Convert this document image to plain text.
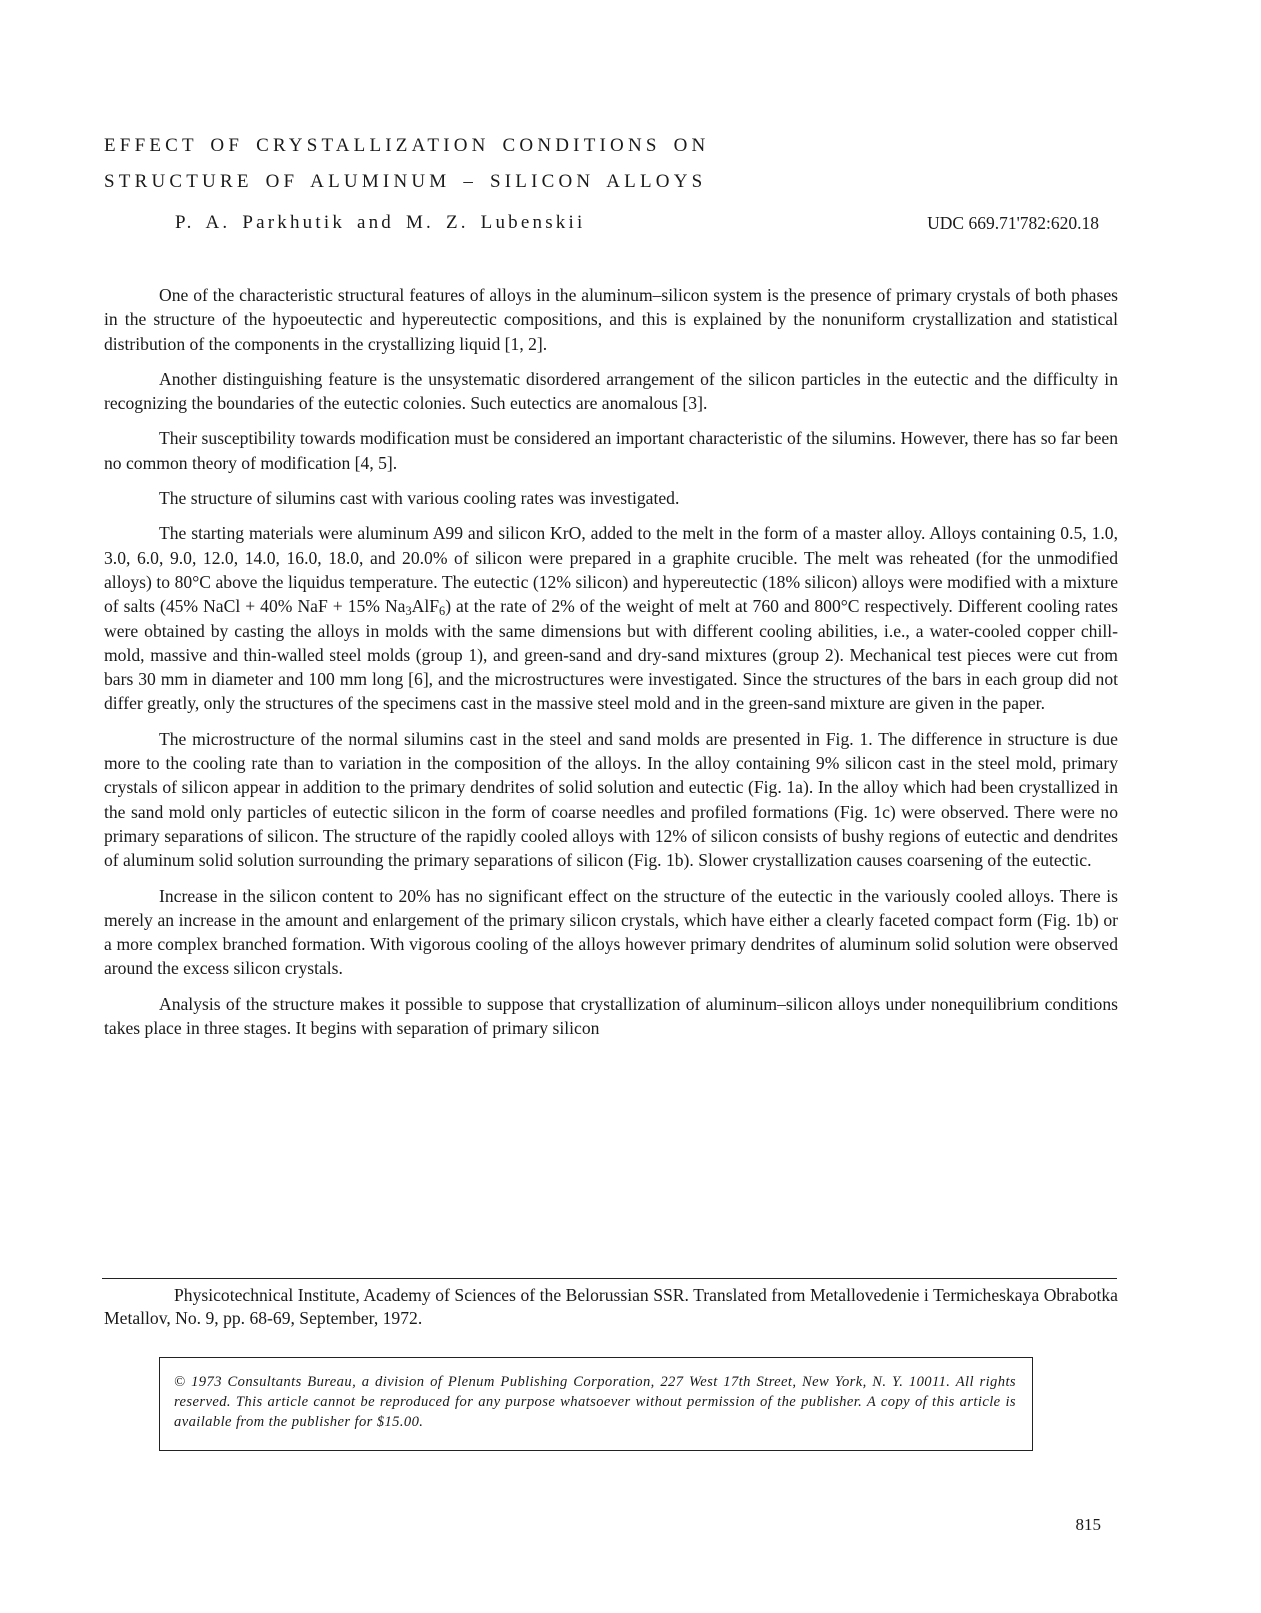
EFFECT OF CRYSTALLIZATION CONDITIONS ON
STRUCTURE OF ALUMINUM – SILICON ALLOYS
P. A. Parkhutik and M. Z. Lubenskii	UDC 669.71'782:620.18

One of the characteristic structural features of alloys in the aluminum–silicon system is the presence of primary crystals of both phases in the structure of the hypoeutectic and hypereutectic compositions, and this is explained by the nonuniform crystallization and statistical distribution of the components in the crystallizing liquid [1, 2].

Another distinguishing feature is the unsystematic disordered arrangement of the silicon particles in the eutectic and the difficulty in recognizing the boundaries of the eutectic colonies. Such eutectics are anomalous [3].

Their susceptibility towards modification must be considered an important characteristic of the silumins. However, there has so far been no common theory of modification [4, 5].

The structure of silumins cast with various cooling rates was investigated.

The starting materials were aluminum A99 and silicon KrO, added to the melt in the form of a master alloy. Alloys containing 0.5, 1.0, 3.0, 6.0, 9.0, 12.0, 14.0, 16.0, 18.0, and 20.0% of silicon were prepared in a graphite crucible. The melt was reheated (for the unmodified alloys) to 80°C above the liquidus temperature. The eutectic (12% silicon) and hypereutectic (18% silicon) alloys were modified with a mixture of salts (45% NaCl + 40% NaF + 15% $Na_3AlF_6$) at the rate of 2% of the weight of melt at 760 and 800°C respectively. Different cooling rates were obtained by casting the alloys in molds with the same dimensions but with different cooling abilities, i.e., a water-cooled copper chill-mold, massive and thin-walled steel molds (group 1), and green-sand and dry-sand mixtures (group 2). Mechanical test pieces were cut from bars 30 mm in diameter and 100 mm long [6], and the microstructures were investigated. Since the structures of the bars in each group did not differ greatly, only the structures of the specimens cast in the massive steel mold and in the green-sand mixture are given in the paper.

The microstructure of the normal silumins cast in the steel and sand molds are presented in Fig. 1. The difference in structure is due more to the cooling rate than to variation in the composition of the alloys. In the alloy containing 9% silicon cast in the steel mold, primary crystals of silicon appear in addition to the primary dendrites of solid solution and eutectic (Fig. 1a). In the alloy which had been crystallized in the sand mold only particles of eutectic silicon in the form of coarse needles and profiled formations (Fig. 1c) were observed. There were no primary separations of silicon. The structure of the rapidly cooled alloys with 12% of silicon consists of bushy regions of eutectic and dendrites of aluminum solid solution surrounding the primary separations of silicon (Fig. 1b). Slower crystallization causes coarsening of the eutectic.

Increase in the silicon content to 20% has no significant effect on the structure of the eutectic in the variously cooled alloys. There is merely an increase in the amount and enlargement of the primary silicon crystals, which have either a clearly faceted compact form (Fig. 1b) or a more complex branched formation. With vigorous cooling of the alloys however primary dendrites of aluminum solid solution were observed around the excess silicon crystals.

Analysis of the structure makes it possible to suppose that crystallization of aluminum–silicon alloys under nonequilibrium conditions takes place in three stages. It begins with separation of primary silicon

Physicotechnical Institute, Academy of Sciences of the Belorussian SSR. Translated from Metallovedenie i Termicheskaya Obrabotka Metallov, No. 9, pp. 68-69, September, 1972.

© 1973 Consultants Bureau, a division of Plenum Publishing Corporation, 227 West 17th Street, New York, N. Y. 10011. All rights reserved. This article cannot be reproduced for any purpose whatsoever without permission of the publisher. A copy of this article is available from the publisher for $15.00.

815
